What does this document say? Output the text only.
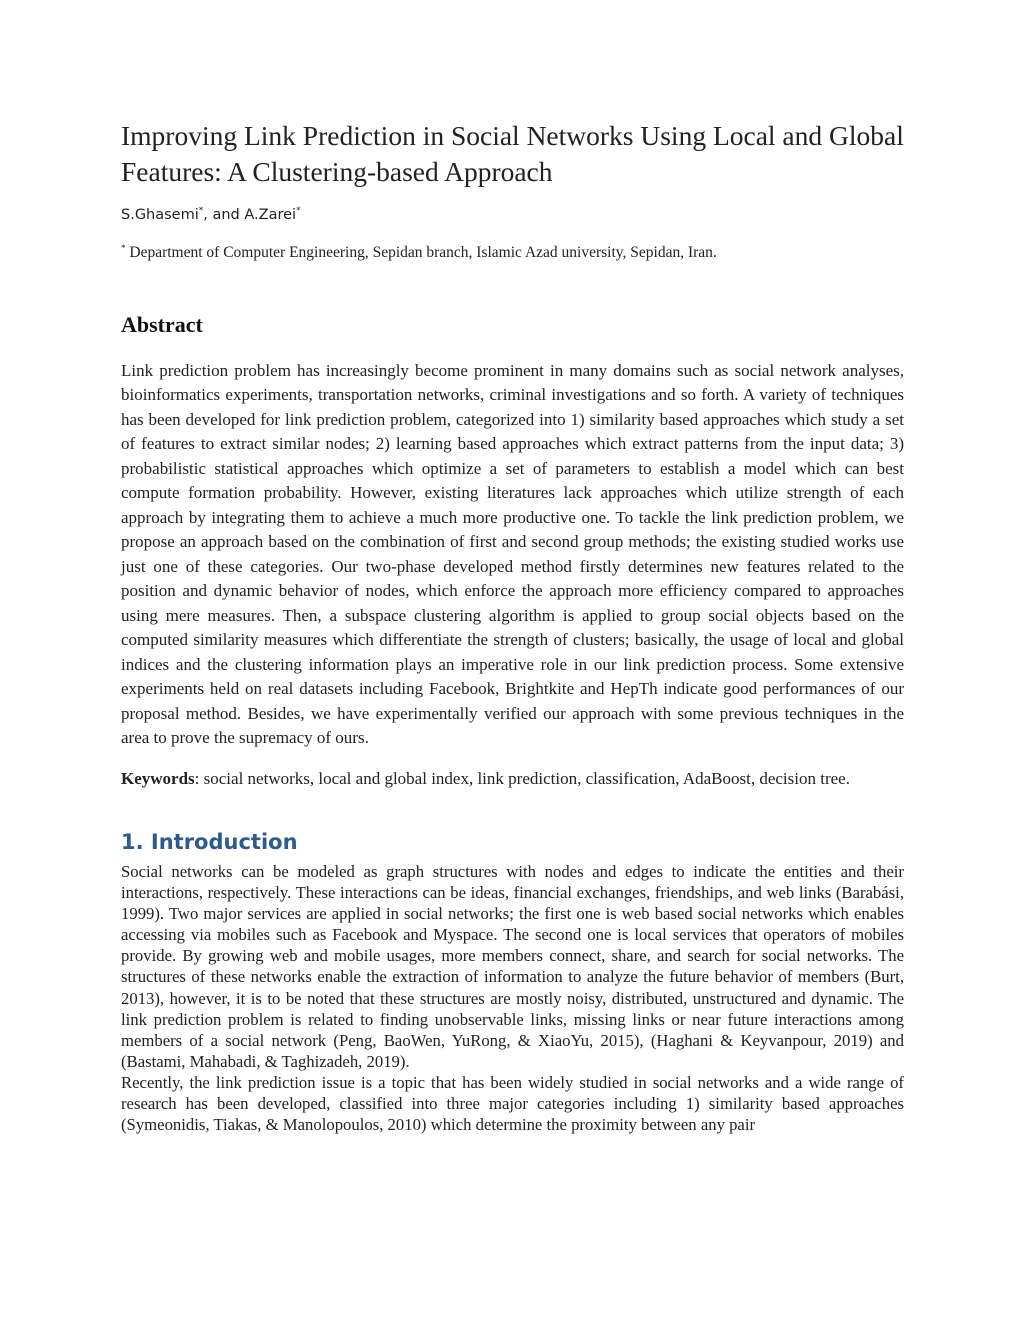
Improving Link Prediction in Social Networks Using Local and Global Features: A Clustering-based Approach
S.Ghasemi*, and A.Zarei*
* Department of Computer Engineering, Sepidan branch, Islamic Azad university, Sepidan, Iran.
Abstract
Link prediction problem has increasingly become prominent in many domains such as social network analyses, bioinformatics experiments, transportation networks, criminal investigations and so forth. A variety of techniques has been developed for link prediction problem, categorized into 1) similarity based approaches which study a set of features to extract similar nodes; 2) learning based approaches which extract patterns from the input data; 3) probabilistic statistical approaches which optimize a set of parameters to establish a model which can best compute formation probability. However, existing literatures lack approaches which utilize strength of each approach by integrating them to achieve a much more productive one. To tackle the link prediction problem, we propose an approach based on the combination of first and second group methods; the existing studied works use just one of these categories. Our two-phase developed method firstly determines new features related to the position and dynamic behavior of nodes, which enforce the approach more efficiency compared to approaches using mere measures. Then, a subspace clustering algorithm is applied to group social objects based on the computed similarity measures which differentiate the strength of clusters; basically, the usage of local and global indices and the clustering information plays an imperative role in our link prediction process. Some extensive experiments held on real datasets including Facebook, Brightkite and HepTh indicate good performances of our proposal method. Besides, we have experimentally verified our approach with some previous techniques in the area to prove the supremacy of ours.
Keywords: social networks, local and global index, link prediction, classification, AdaBoost, decision tree.
1. Introduction

Social networks can be modeled as graph structures with nodes and edges to indicate the entities and their interactions, respectively. These interactions can be ideas, financial exchanges, friendships, and web links (Barabási, 1999). Two major services are applied in social networks; the first one is web based social networks which enables accessing via mobiles such as Facebook and Myspace. The second one is local services that operators of mobiles provide. By growing web and mobile usages, more members connect, share, and search for social networks. The structures of these networks enable the extraction of information to analyze the future behavior of members (Burt, 2013), however, it is to be noted that these structures are mostly noisy, distributed, unstructured and dynamic. The link prediction problem is related to finding unobservable links, missing links or near future interactions among members of a social network (Peng, BaoWen, YuRong, & XiaoYu, 2015), (Haghani & Keyvanpour, 2019) and (Bastami, Mahabadi, & Taghizadeh, 2019).

Recently, the link prediction issue is a topic that has been widely studied in social networks and a wide range of research has been developed, classified into three major categories including 1) similarity based approaches (Symeonidis, Tiakas, & Manolopoulos, 2010) which determine the proximity between any pair
